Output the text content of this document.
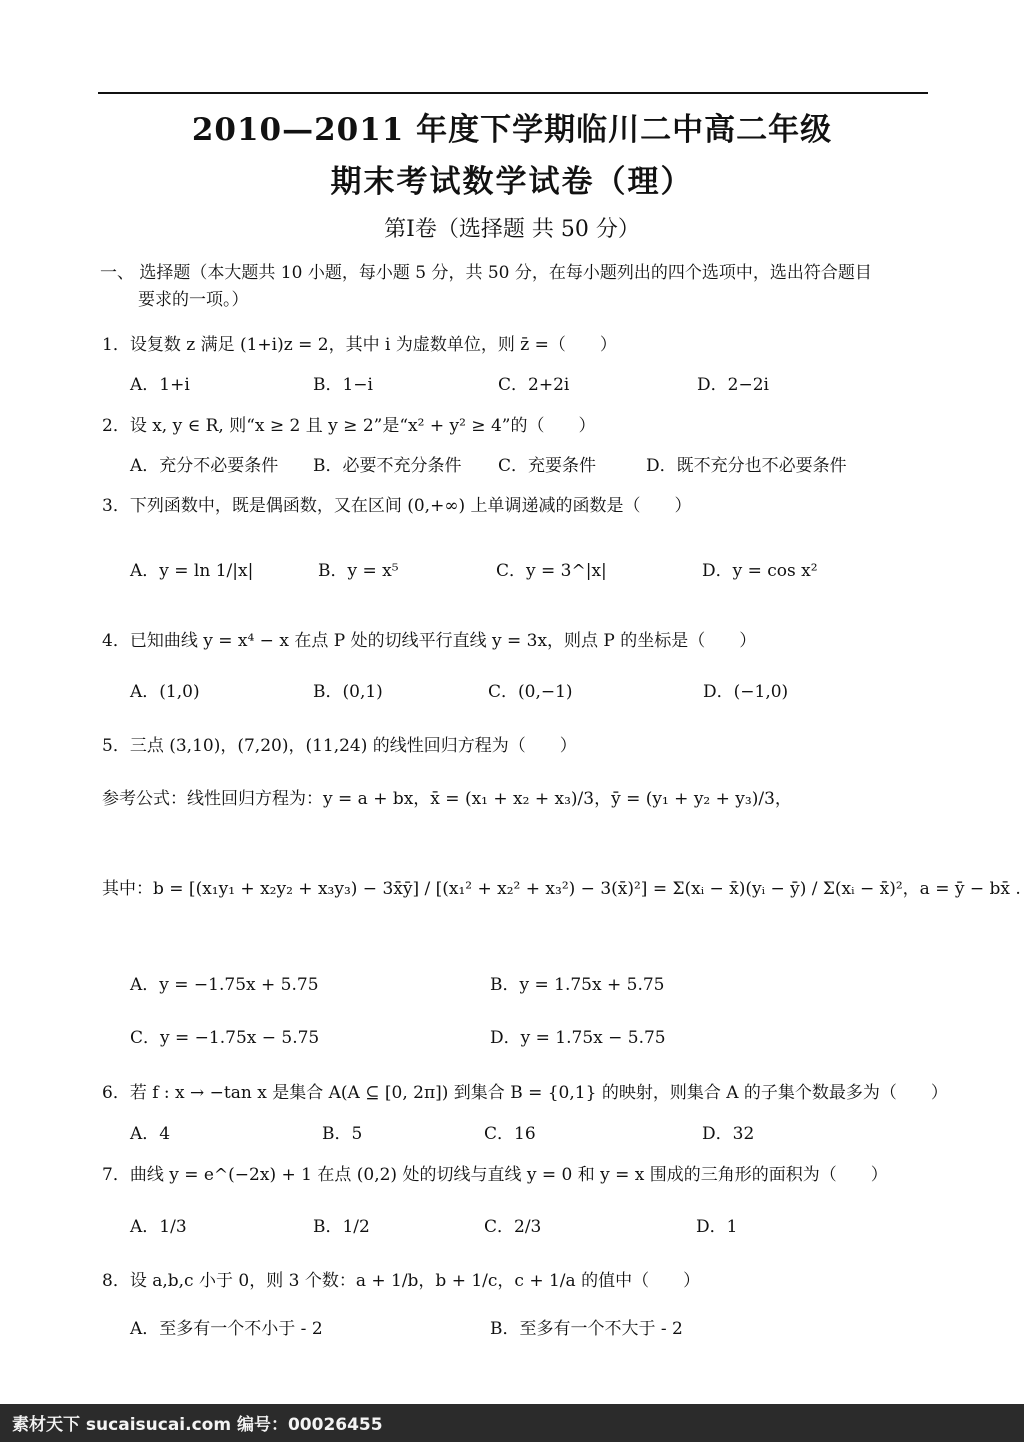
2010—2011 年度下学期临川二中高二年级
期末考试数学试卷（理）
第Ⅰ卷（选择题 共 50 分）
一、 选择题（本大题共 10 小题，每小题 5 分，共 50 分，在每小题列出的四个选项中，选出符合题目
要求的一项。）
1．设复数 z 满足 (1+i)z = 2，其中 i 为虚数单位，则 z̄ =（　　）
A．1+i	B．1−i	C．2+2i	D．2−2i
2．设 x, y ∈ R, 则“x ≥ 2 且 y ≥ 2”是“x² + y² ≥ 4”的（　　）
A．充分不必要条件 B．必要不充分条件 C．充要条件	D．既不充分也不必要条件
3．下列函数中，既是偶函数，又在区间 (0,+∞) 上单调递减的函数是（　　）
A．y = ln 1/|x|	B．y = x⁵	C．y = 3^|x|	D．y = cos x²
4．已知曲线 y = x⁴ − x 在点 P 处的切线平行直线 y = 3x，则点 P 的坐标是（　　）
A．(1,0)	B．(0,1)	C．(0,−1)	D．(−1,0)
5．三点 (3,10)，(7,20)，(11,24) 的线性回归方程为（　　）
参考公式：线性回归方程为：y = a + bx，x̄ = (x₁ + x₂ + x₃)/3，ȳ = (y₁ + y₂ + y₃)/3，
其中：b = [(x₁y₁ + x₂y₂ + x₃y₃) − 3x̄ȳ] / [(x₁² + x₂² + x₃²) − 3(x̄)²] = Σ(xᵢ − x̄)(yᵢ − ȳ) / Σ(xᵢ − x̄)²，a = ȳ − bx̄ .
A．y = −1.75x + 5.75	B．y = 1.75x + 5.75
C．y = −1.75x − 5.75	D．y = 1.75x − 5.75
6．若 f : x → −tan x 是集合 A(A ⊆ [0, 2π]) 到集合 B = {0,1} 的映射，则集合 A 的子集个数最多为（　　）
A．4	B．5	C．16	D．32
7．曲线 y = e^(−2x) + 1 在点 (0,2) 处的切线与直线 y = 0 和 y = x 围成的三角形的面积为（　　）
A．1/3	B．1/2	C．2/3	D．1
8．设 a,b,c 小于 0，则 3 个数：a + 1/b，b + 1/c，c + 1/a 的值中（　　）
A．至多有一个不小于 - 2	B．至多有一个不大于 - 2
素材天下 sucaisucai.com 编号：00026455
